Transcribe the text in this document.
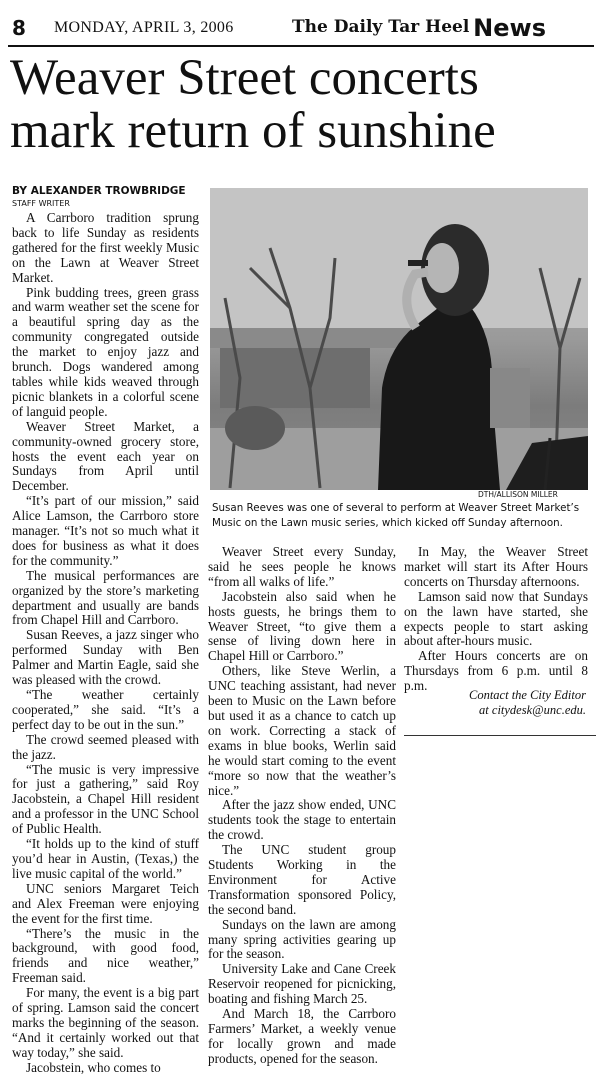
8 MONDAY, APRIL 3, 2006	The Daily Tar Heel News
Weaver Street concerts mark return of sunshine

BY ALEXANDER TROWBRIDGE

STAFF WRITER

A Carrboro tradition sprung back to life Sunday as residents gathered for the first weekly Music on the Lawn at Weaver Street Market.

Pink budding trees, green grass and warm weather set the scene for a beautiful spring day as the community congregated outside the market to enjoy jazz and brunch. Dogs wandered among tables while kids weaved through picnic blankets in a colorful scene of languid people.

Weaver Street Market, a community-owned grocery store, hosts the event each year on Sundays from April until December.

“It’s part of our mission,” said Alice Lamson, the Carrboro store manager. “It’s not so much what it does for business as what it does for the community.”

The musical performances are organized by the store’s marketing department and usually are bands from Chapel Hill and Carrboro.

Susan Reeves, a jazz singer who performed Sunday with Ben Palmer and Martin Eagle, said she was pleased with the crowd.

“The weather certainly cooperated,” she said. “It’s a perfect day to be out in the sun.”

The crowd seemed pleased with the jazz.

“The music is very impressive for just a gathering,” said Roy Jacobstein, a Chapel Hill resident and a professor in the UNC School of Public Health.

“It holds up to the kind of stuff you’d hear in Austin, (Texas,) the live music capital of the world.”

UNC seniors Margaret Teich and Alex Freeman were enjoying the event for the first time.

“There’s the music in the background, with good food, friends and nice weather,” Freeman said.

For many, the event is a big part of spring. Lamson said the concert marks the beginning of the season. “And it certainly worked out that way today,” she said.

Jacobstein, who comes to

DTH/ALLISON MILLER
Susan Reeves was one of several to perform at Weaver Street Market’s Music on the Lawn music series, which kicked off Sunday afternoon.

Weaver Street every Sunday, said he sees people he knows “from all walks of life.”

Jacobstein also said when he hosts guests, he brings them to Weaver Street, “to give them a sense of living down here in Chapel Hill or Carrboro.”

Others, like Steve Werlin, a UNC teaching assistant, had never been to Music on the Lawn before but used it as a chance to catch up on work. Correcting a stack of exams in blue books, Werlin said he would start coming to the event “more so now that the weather’s nice.”

After the jazz show ended, UNC students took the stage to entertain the crowd.

The UNC student group Students Working in the Environment for Active Transformation sponsored Policy, the second band.

Sundays on the lawn are among many spring activities gearing up for the season.

University Lake and Cane Creek Reservoir reopened for picnicking, boating and fishing March 25.

And March 18, the Carrboro Farmers’ Market, a weekly venue for locally grown and made products, opened for the season.

In May, the Weaver Street market will start its After Hours concerts on Thursday afternoons.

Lamson said now that Sundays on the lawn have started, she expects people to start asking about after-hours music.

After Hours concerts are on Thursdays from 6 p.m. until 8 p.m.

Contact the City Editor
at citydesk@unc.edu.
